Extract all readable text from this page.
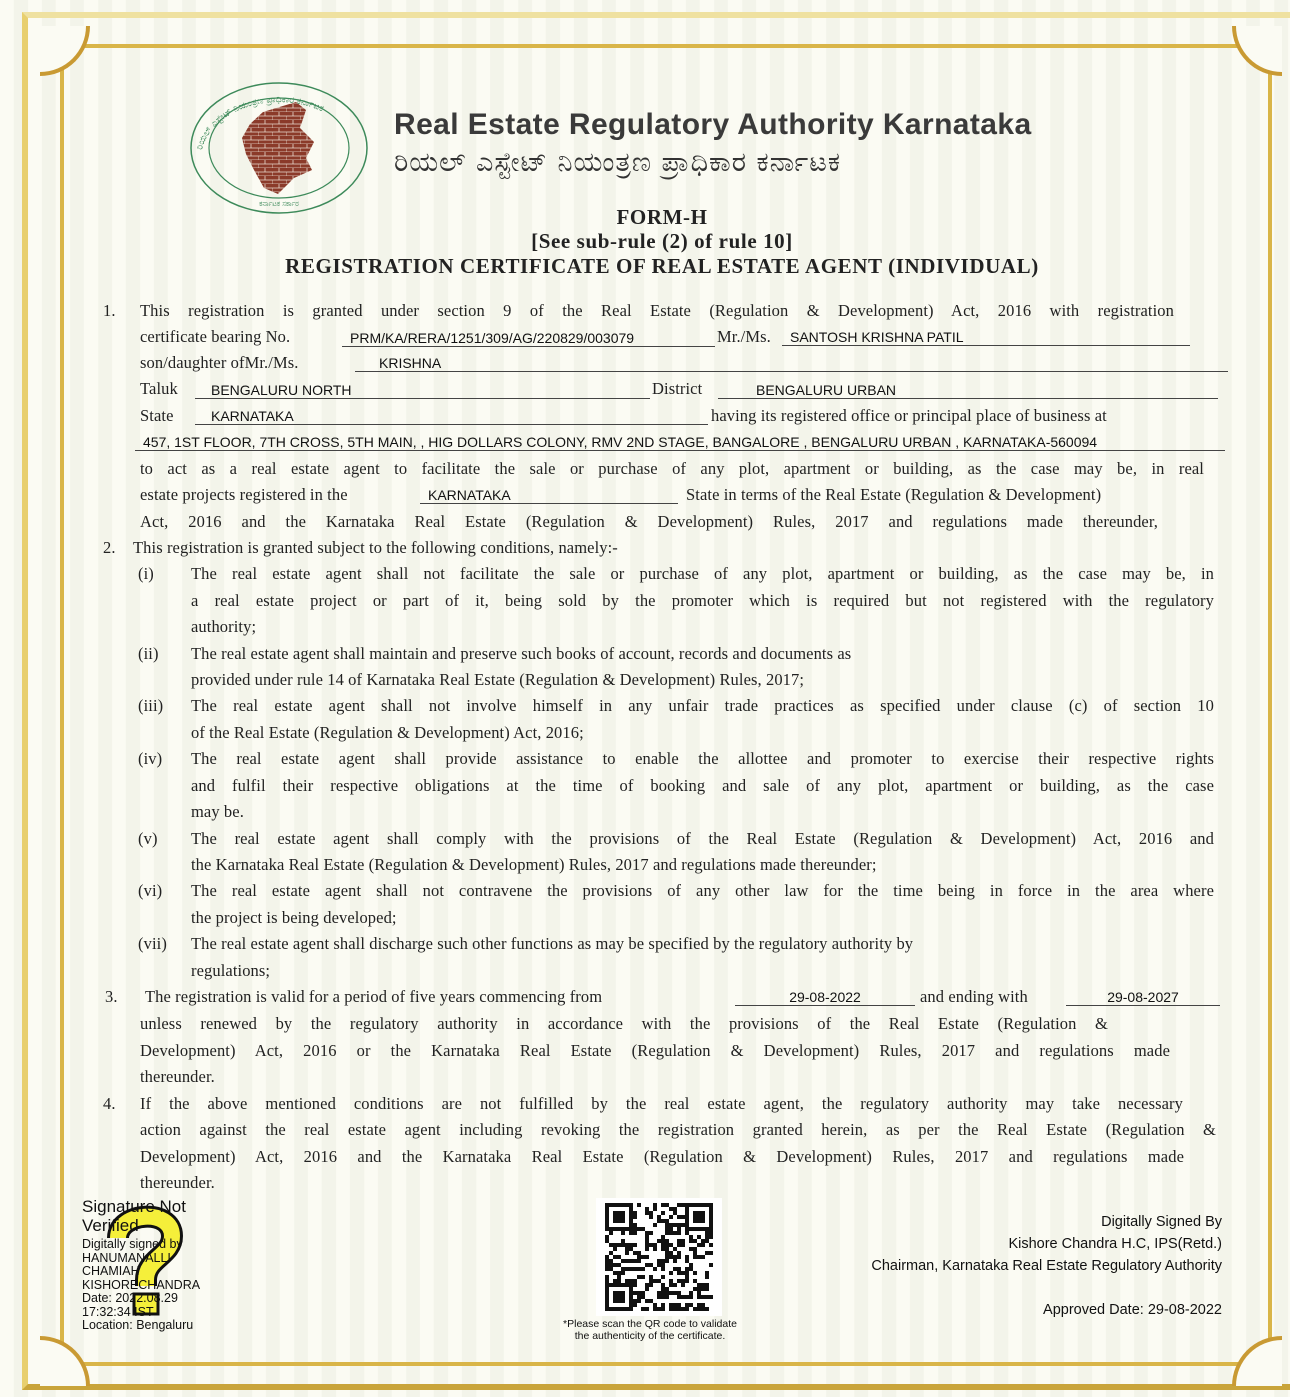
ರಿಯಲ್ ಎಸ್ಟೇಟ್ ನಿಯಂತ್ರಣ ಪ್ರಾಧಿಕಾರ ಕರ್ನಾಟಕ
ಕರ್ನಾಟಕ ಸರ್ಕಾರ
Real Estate Regulatory Authority Karnataka
ರಿಯಲ್ ಎಸ್ಟೇಟ್ ನಿಯಂತ್ರಣ ಪ್ರಾಧಿಕಾರ ಕರ್ನಾಟಕ
FORM-H
[See sub-rule (2) of rule 10]
REGISTRATION CERTIFICATE OF REAL ESTATE AGENT (INDIVIDUAL)
1. This registration is granted under section 9 of the Real Estate (Regulation & Development) Act, 2016 with registration
certificate bearing No.	PRM/KA/RERA/1251/309/AG/220829/003079	Mr./Ms.	SANTOSH KRISHNA PATIL
son/daughter ofMr./Ms.	KRISHNA
Taluk	BENGALURU NORTH	District	BENGALURU URBAN
State	KARNATAKA	having its registered office or principal place of business at
457, 1ST FLOOR, 7TH CROSS, 5TH MAIN, , HIG DOLLARS COLONY, RMV 2ND STAGE, BANGALORE , BENGALURU URBAN , KARNATAKA-560094
to act as a real estate agent to facilitate the sale or purchase of any plot, apartment or building, as the case may be, in real
estate projects registered in the	KARNATAKA	State in terms of the Real Estate (Regulation & Development)
Act, 2016 and the Karnataka Real Estate (Regulation & Development) Rules, 2017 and regulations made thereunder,
2. This registration is granted subject to the following conditions, namely:-
(i) The real estate agent shall not facilitate the sale or purchase of any plot, apartment or building, as the case may be, in
a real estate project or part of it, being sold by the promoter which is required but not registered with the regulatory
authority;
(ii) The real estate agent shall maintain and preserve such books of account, records and documents as
provided under rule 14 of Karnataka Real Estate (Regulation & Development) Rules, 2017;
(iii) The real estate agent shall not involve himself in any unfair trade practices as specified under clause (c) of section 10
of the Real Estate (Regulation & Development) Act, 2016;
(iv) The real estate agent shall provide assistance to enable the allottee and promoter to exercise their respective rights
and fulfil their respective obligations at the time of booking and sale of any plot, apartment or building, as the case
may be.
(v) The real estate agent shall comply with the provisions of the Real Estate (Regulation & Development) Act, 2016 and
the Karnataka Real Estate (Regulation & Development) Rules, 2017 and regulations made thereunder;
(vi) The real estate agent shall not contravene the provisions of any other law for the time being in force in the area where
the project is being developed;
(vii) The real estate agent shall discharge such other functions as may be specified by the regulatory authority by
regulations;
3. The registration is valid for a period of five years commencing from	29-08-2022	and ending with	29-08-2027
unless renewed by the regulatory authority in accordance with the provisions of the Real Estate (Regulation &
Development) Act, 2016 or the Karnataka Real Estate (Regulation & Development) Rules, 2017 and regulations made
thereunder.
4. If the above mentioned conditions are not fulfilled by the real estate agent, the regulatory authority may take necessary
action against the real estate agent including revoking the registration granted herein, as per the Real Estate (Regulation &
Development) Act, 2016 and the Karnataka Real Estate (Regulation & Development) Rules, 2017 and regulations made
thereunder.
Signature Not
Verified
Digitally signed by
HANUMANALLI
CHAMIAH
KISHORECHANDRA
Date: 2022.08.29
17:32:34 IST
Location: Bengaluru	*Please scan the QR code to validate
the authenticity of the certificate.
Digitally Signed By
Kishore Chandra H.C, IPS(Retd.)
Chairman, Karnataka Real Estate Regulatory Authority
Approved Date: 29-08-2022
